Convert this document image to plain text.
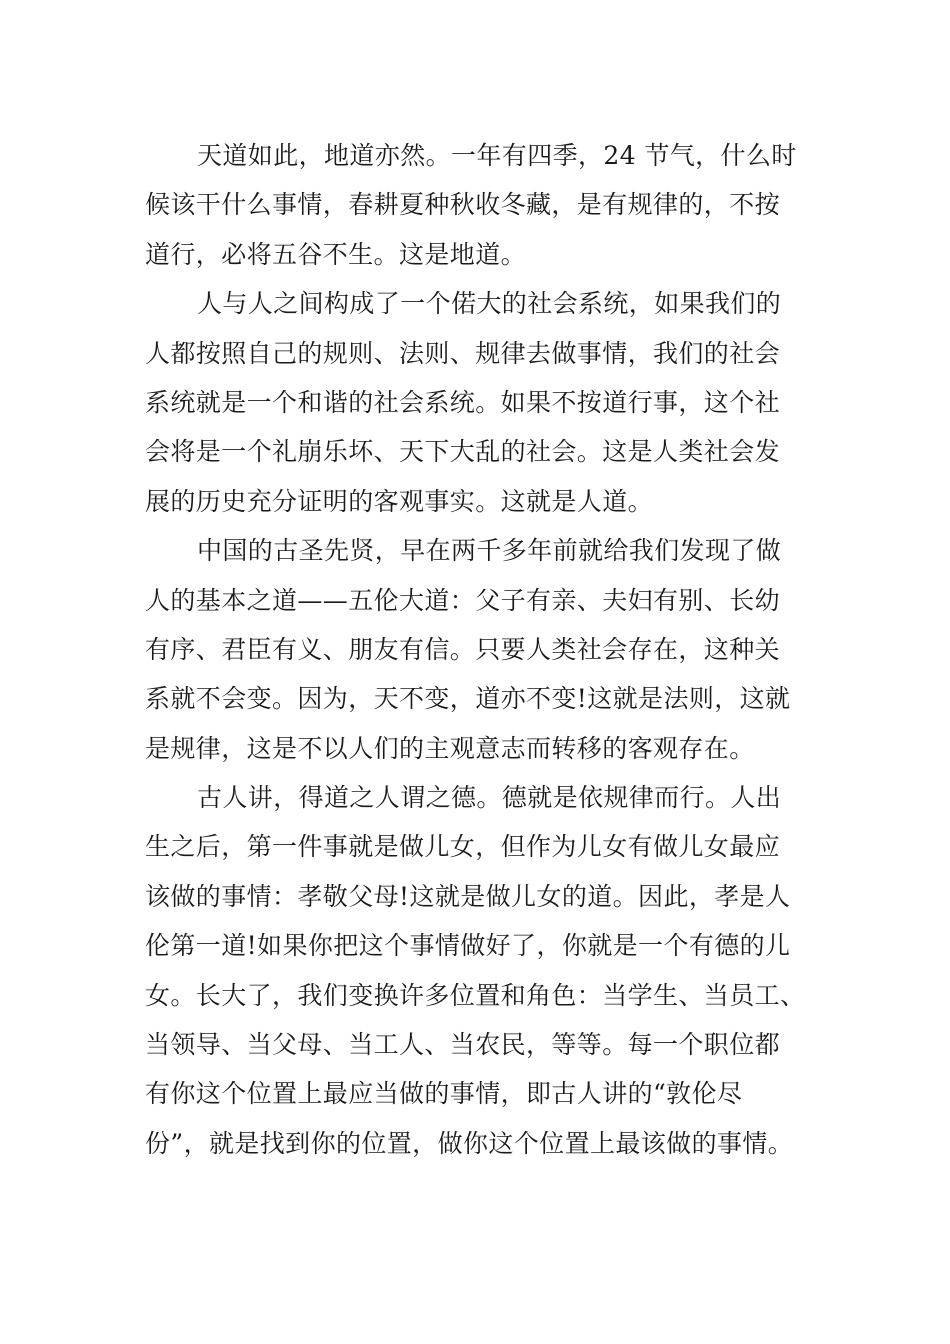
天道如此，地道亦然。一年有四季，24 节气，什么时
候该干什么事情，春耕夏种秋收冬藏，是有规律的，不按
道行，必将五谷不生。这是地道。

人与人之间构成了一个偌大的社会系统，如果我们的
人都按照自己的规则、法则、规律去做事情，我们的社会
系统就是一个和谐的社会系统。如果不按道行事，这个社
会将是一个礼崩乐坏、天下大乱的社会。这是人类社会发
展的历史充分证明的客观事实。这就是人道。

中国的古圣先贤，早在两千多年前就给我们发现了做
人的基本之道——五伦大道：父子有亲、夫妇有别、长幼
有序、君臣有义、朋友有信。只要人类社会存在，这种关
系就不会变。因为，天不变，道亦不变!这就是法则，这就
是规律，这是不以人们的主观意志而转移的客观存在。

古人讲，得道之人谓之德。德就是依规律而行。人出
生之后，第一件事就是做儿女，但作为儿女有做儿女最应
该做的事情：孝敬父母!这就是做儿女的道。因此，孝是人
伦第一道!如果你把这个事情做好了，你就是一个有德的儿
女。长大了，我们变换许多位置和角色：当学生、当员工、
当领导、当父母、当工人、当农民，等等。每一个职位都
有你这个位置上最应当做的事情，即古人讲的“敦伦尽
份”，就是找到你的位置，做你这个位置上最该做的事情。
